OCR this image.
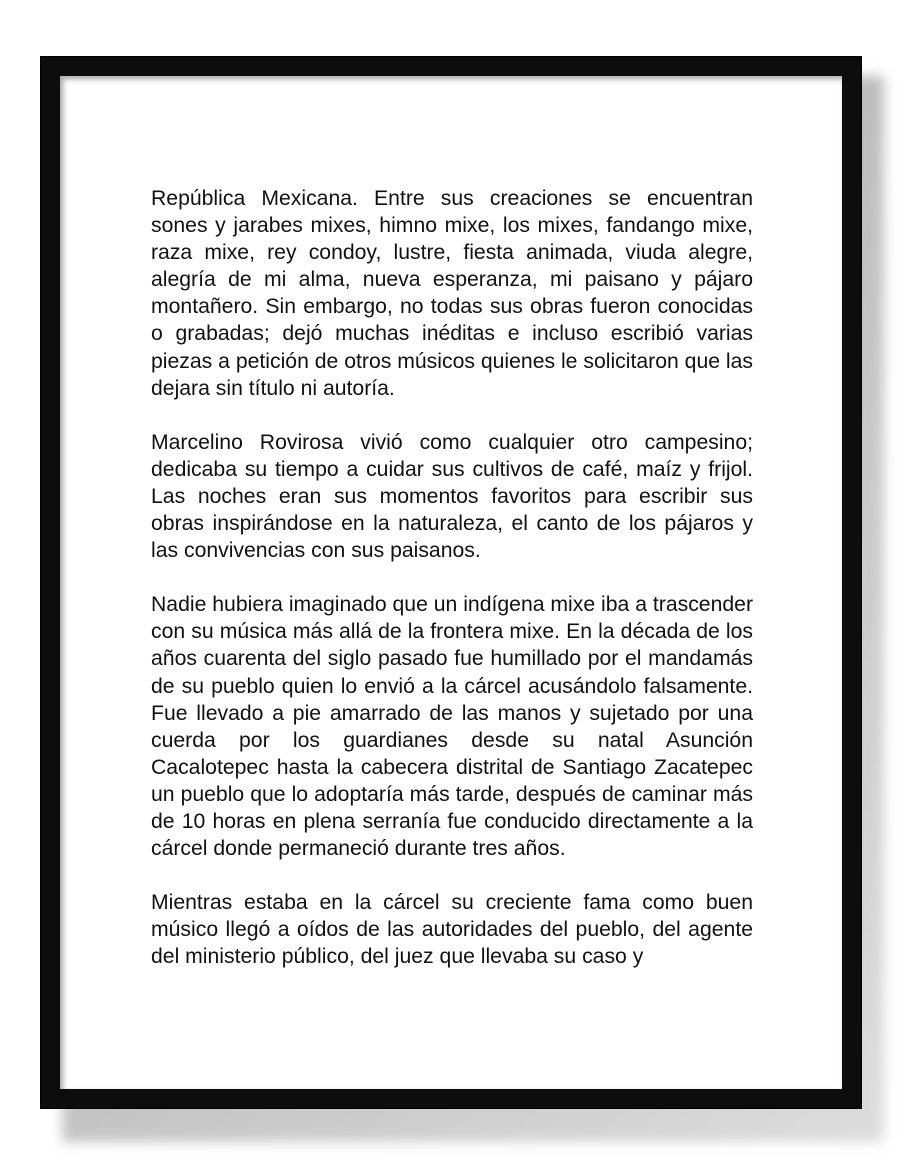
República Mexicana. Entre sus creaciones se encuentran sones y jarabes mixes, himno mixe, los mixes, fandango mixe, raza mixe, rey condoy, lustre, fiesta animada, viuda alegre, alegría de mi alma, nueva esperanza, mi paisano y pájaro montañero. Sin embargo, no todas sus obras fueron conocidas o grabadas; dejó muchas inéditas e incluso escribió varias piezas a petición de otros músicos quienes le solicitaron que las dejara sin título ni autoría.

Marcelino Rovirosa vivió como cualquier otro campesino; dedicaba su tiempo a cuidar sus cultivos de café, maíz y frijol. Las noches eran sus momentos favoritos para escribir sus obras inspirándose en la naturaleza, el canto de los pájaros y las convivencias con sus paisanos.

Nadie hubiera imaginado que un indígena mixe iba a trascender con su música más allá de la frontera mixe. En la década de los años cuarenta del siglo pasado fue humillado por el mandamás de su pueblo quien lo envió a la cárcel acusándolo falsamente. Fue llevado a pie amarrado de las manos y sujetado por una cuerda por los guardianes desde su natal Asunción Cacalotepec hasta la cabecera distrital de Santiago Zacatepec un pueblo que lo adoptaría más tarde, después de caminar más de 10 horas en plena serranía fue conducido directamente a la cárcel donde permaneció durante tres años.

Mientras estaba en la cárcel su creciente fama como buen músico llegó a oídos de las autoridades del pueblo, del agente del ministerio público, del juez que llevaba su caso y
